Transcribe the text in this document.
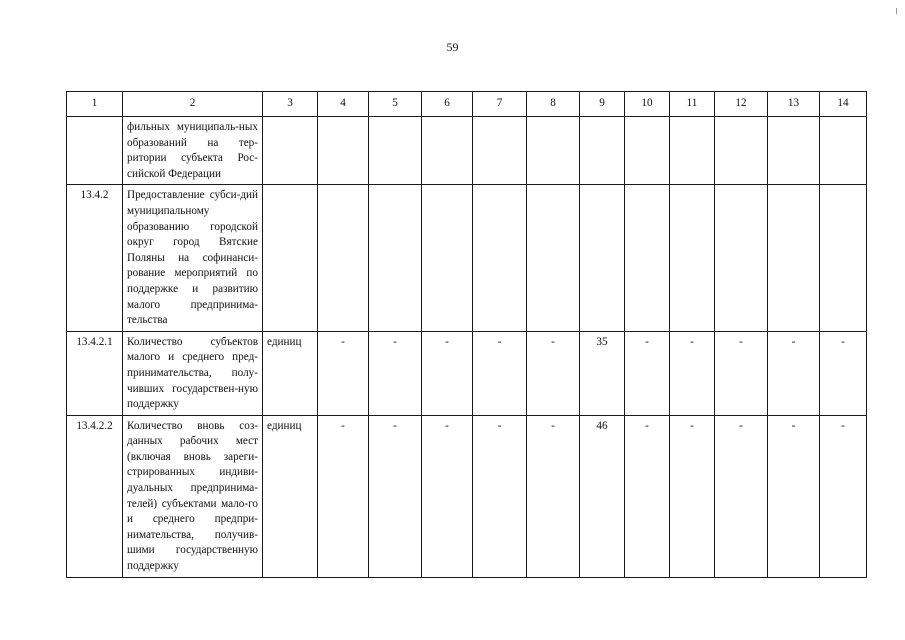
59
1	2	3	4	5	6	7	8	9	10	11	12	13	14
	фильных муниципаль-ных образований на тер-ритории субъекта Рос-сийской Федерации												
13.4.2	Предоставление субси-дий муниципальному образованию городской округ город Вятские Поляны на софинанси-рование мероприятий по поддержке и развитию малого предпринима-тельства												
13.4.2.1	Количество субъектов малого и среднего пред-принимательства, полу-чивших государствен-ную поддержку	единиц	-	-	-	-	-	35	-	-	-	-	-
13.4.2.2	Количество вновь соз-данных рабочих мест (включая вновь зареги-стрированных индиви-дуальных предпринима-телей) субъектами мало-го и среднего предпри-нимательства, получив-шими государственную поддержку	единиц	-	-	-	-	-	46	-	-	-	-	-
